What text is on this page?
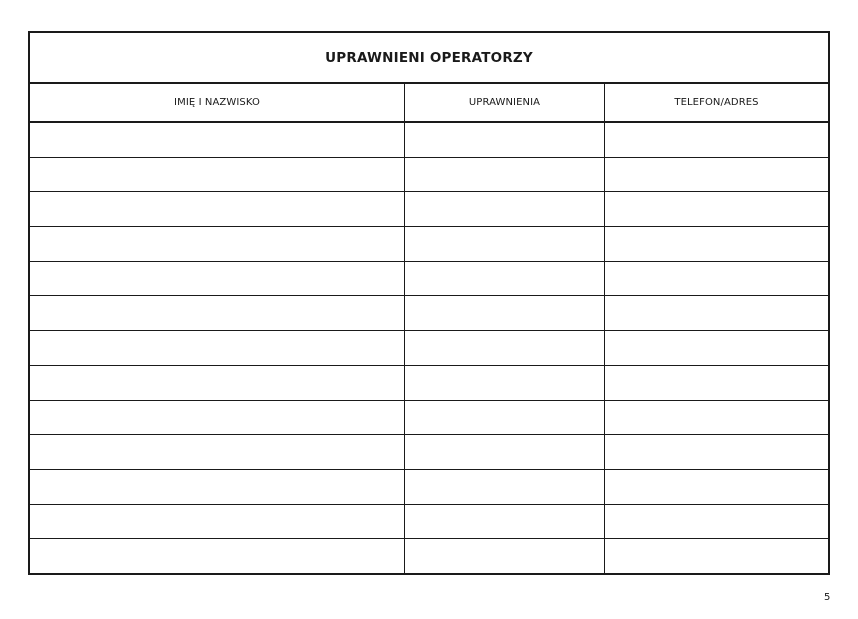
UPRAWNIENI OPERATORZY
IMIĘ I NAZWISKO	UPRAWNIENIA	TELEFON/ADRES
5
